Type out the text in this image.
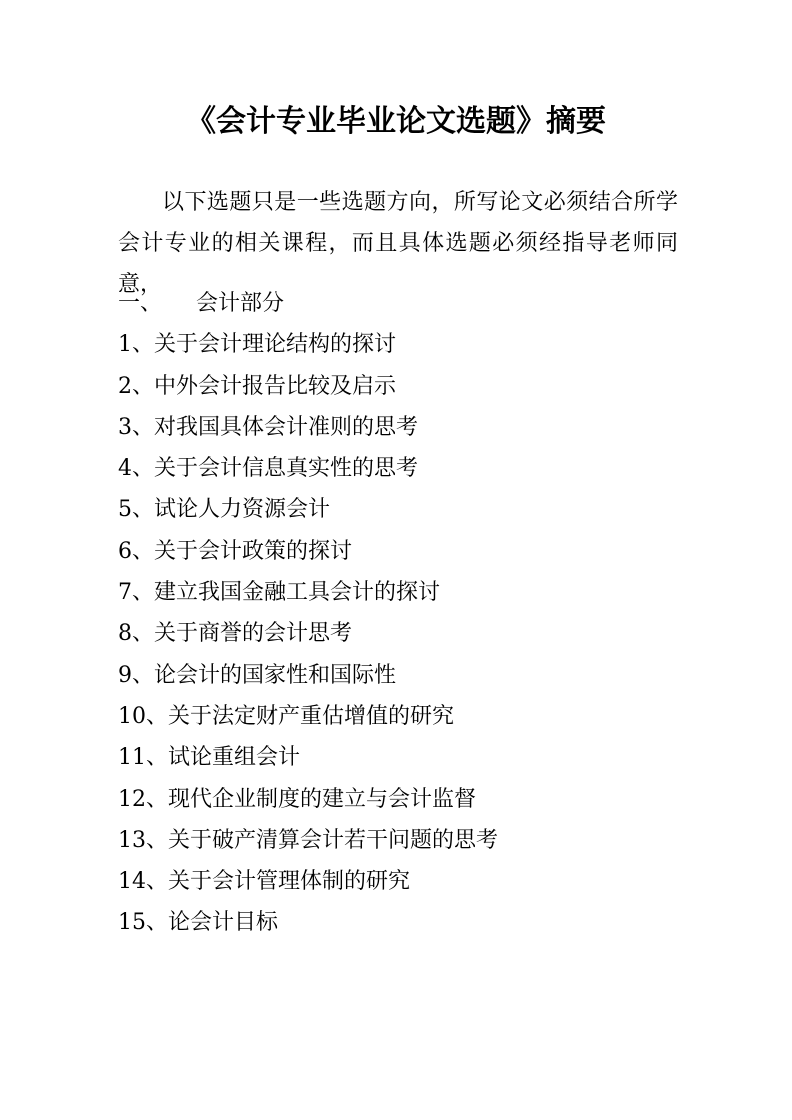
《会计专业毕业论文选题》摘要

以下选题只是一些选题方向，所写论文必须结合所学会计专业的相关课程，而且具体选题必须经指导老师同意，

一、 会计部分
1、关于会计理论结构的探讨
2、中外会计报告比较及启示
3、对我国具体会计准则的思考
4、关于会计信息真实性的思考
5、试论人力资源会计
6、关于会计政策的探讨
7、建立我国金融工具会计的探讨
8、关于商誉的会计思考
9、论会计的国家性和国际性
10、关于法定财产重估增值的研究
11、试论重组会计
12、现代企业制度的建立与会计监督
13、关于破产清算会计若干问题的思考
14、关于会计管理体制的研究
15、论会计目标
